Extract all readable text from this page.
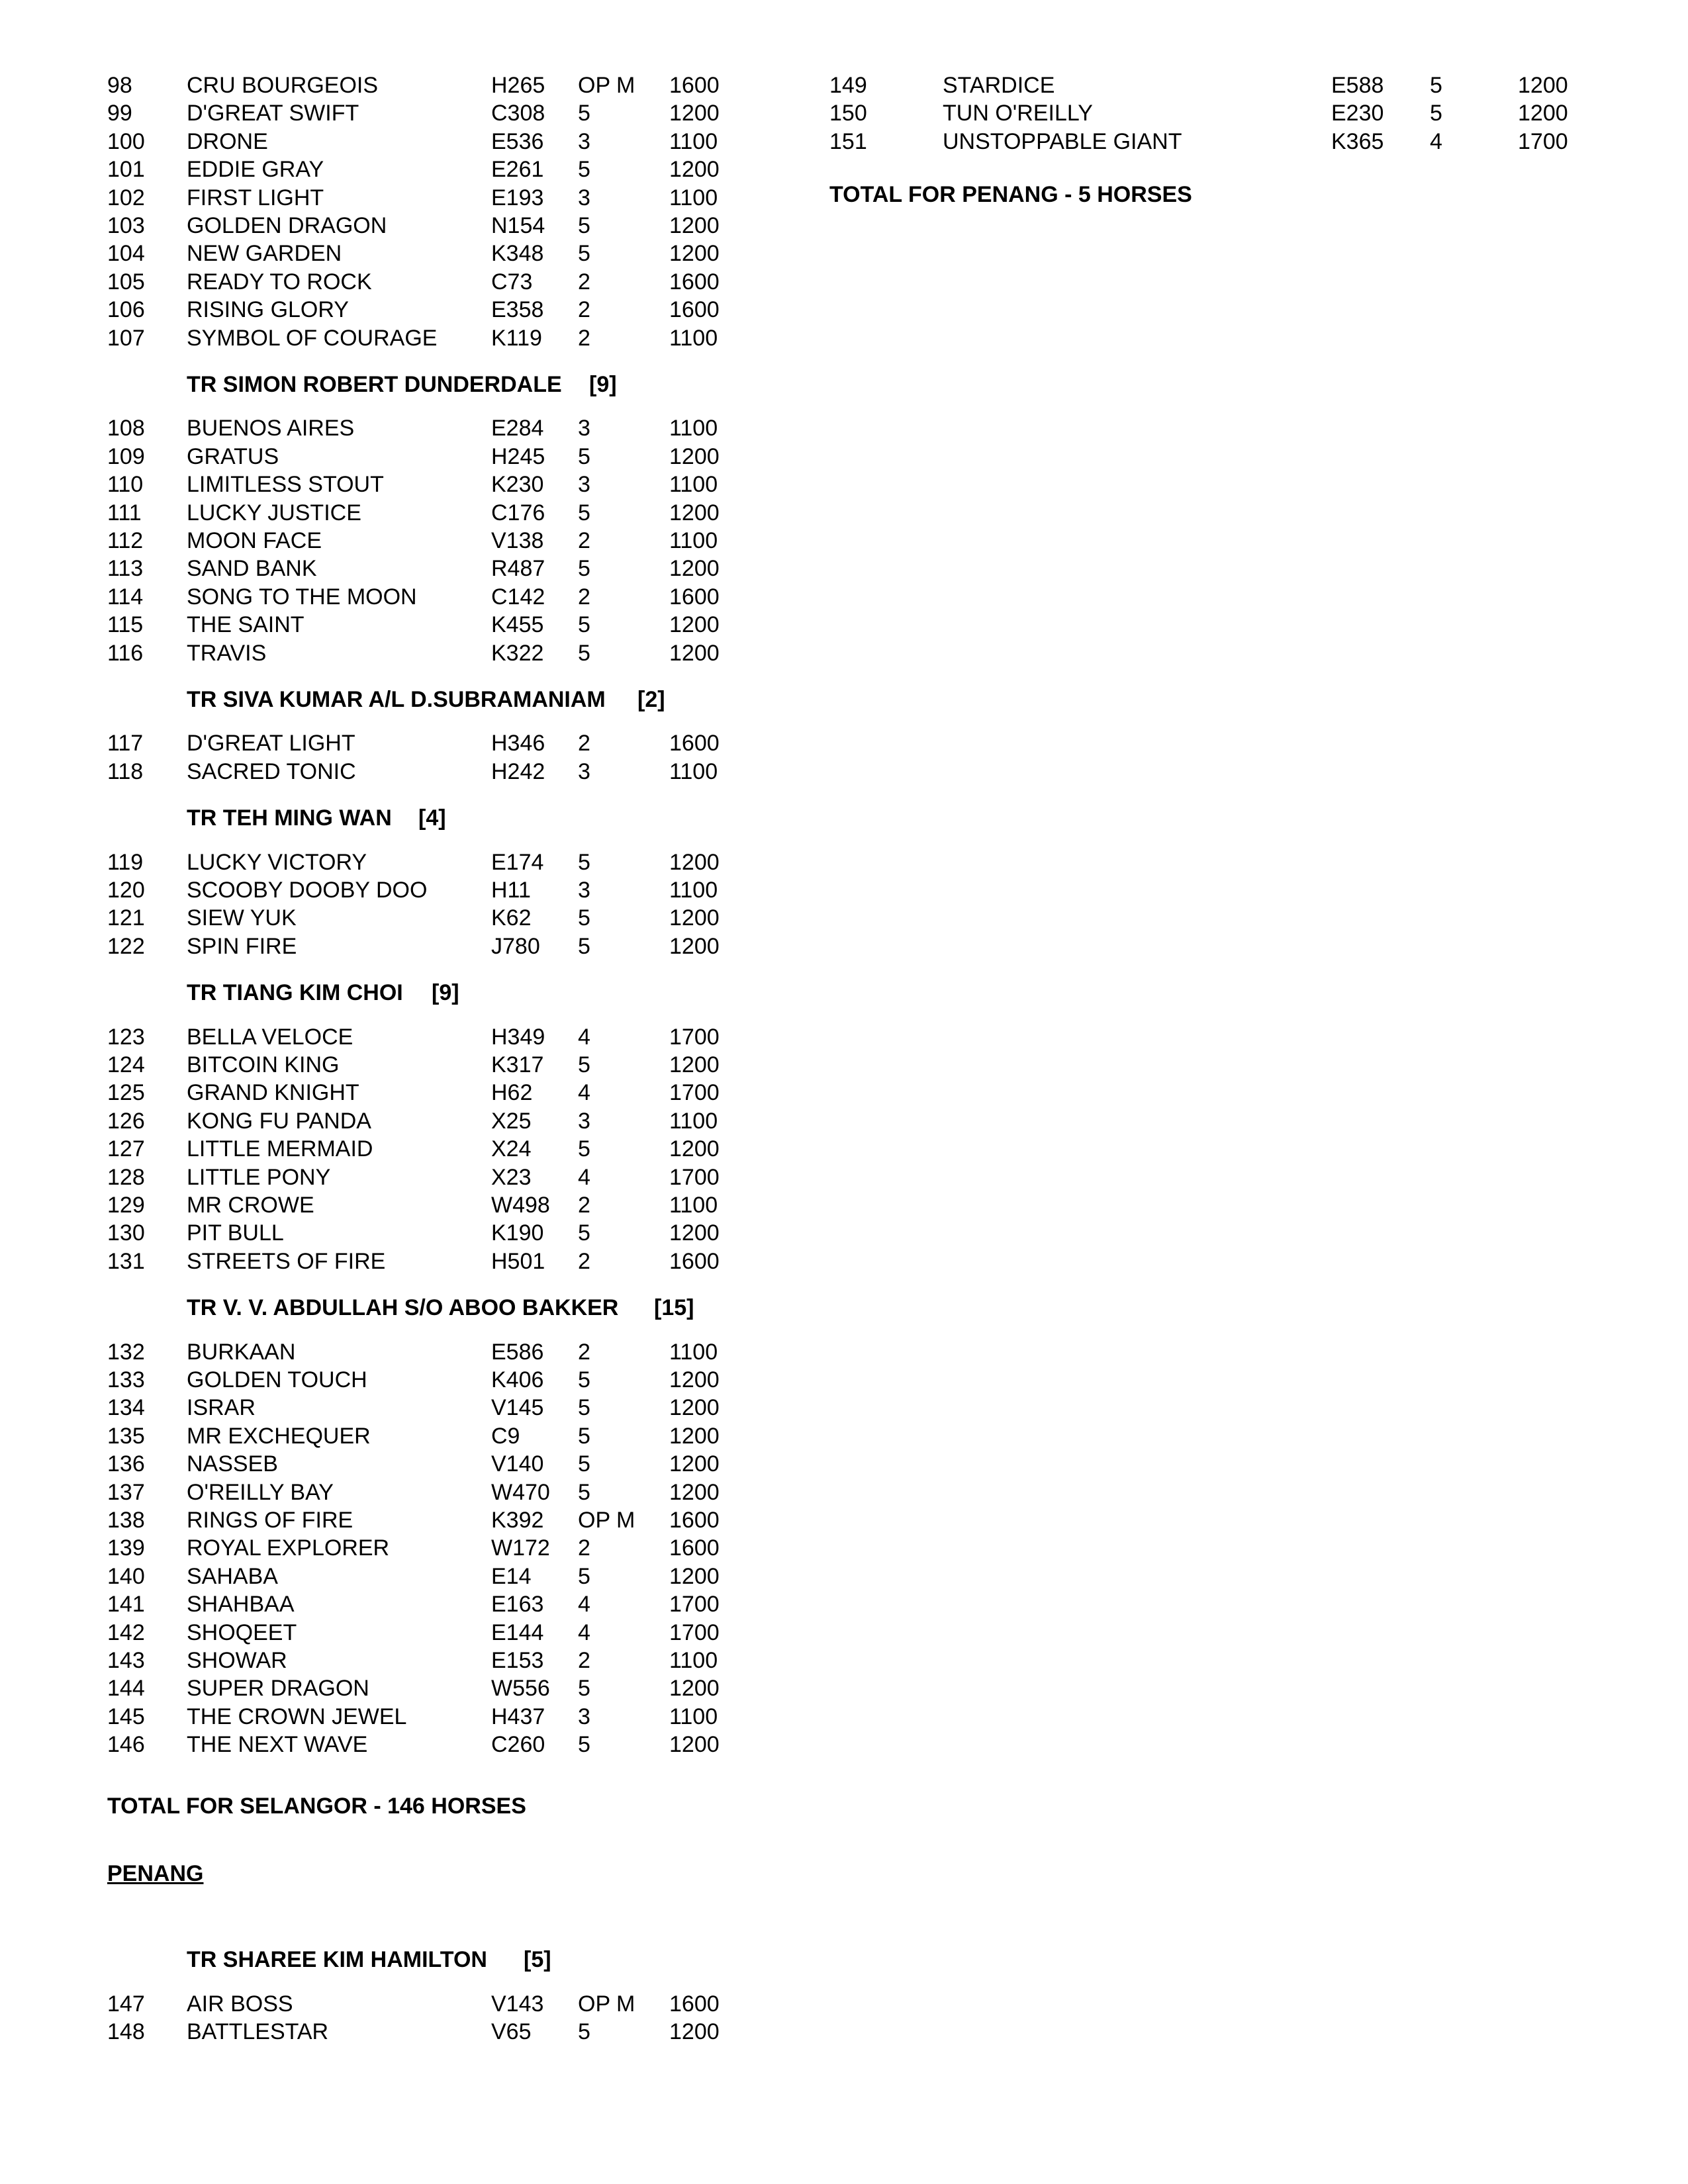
98 CRU BOURGEOIS	H265 OP M 1600
99 D'GREAT SWIFT	C308 5	1200
100 DRONE	E536 3	1100
101 EDDIE GRAY	E261 5	1200
102 FIRST LIGHT	E193 3	1100
103 GOLDEN DRAGON	N154 5	1200
104 NEW GARDEN	K348 5	1200
105 READY TO ROCK	C73 2	1600
106 RISING GLORY	E358 2	1600
107 SYMBOL OF COURAGE K119 2	1100
TR SIMON ROBERT DUNDERDALE [9]
108 BUENOS AIRES	E284 3	1100
109 GRATUS	H245 5	1200
110 LIMITLESS STOUT	K230 3	1100
111 LUCKY JUSTICE	C176 5	1200
112 MOON FACE	V138 2	1100
113 SAND BANK	R487 5	1200
114 SONG TO THE MOON	C142 2	1600
115 THE SAINT	K455 5	1200
116 TRAVIS	K322 5	1200
TR SIVA KUMAR A/L D.SUBRAMANIAM [2]
117 D'GREAT LIGHT	H346 2	1600
118 SACRED TONIC	H242 3	1100
TR TEH MING WAN [4]
119 LUCKY VICTORY	E174 5	1200
120 SCOOBY DOOBY DOO	H11 3	1100
121 SIEW YUK	K62 5	1200
122 SPIN FIRE	J780 5	1200
TR TIANG KIM CHOI [9]
123 BELLA VELOCE	H349 4	1700
124 BITCOIN KING	K317 5	1200
125 GRAND KNIGHT	H62 4	1700
126 KONG FU PANDA	X25 3	1100
127 LITTLE MERMAID	X24 5	1200
128 LITTLE PONY	X23 4	1700
129 MR CROWE	W498 2	1100
130 PIT BULL	K190 5	1200
131 STREETS OF FIRE	H501 2	1600
TR V. V. ABDULLAH S/O ABOO BAKKER [15]
132 BURKAAN	E586 2	1100
133 GOLDEN TOUCH	K406 5	1200
134 ISRAR	V145 5	1200
135 MR EXCHEQUER	C9	5	1200
136 NASSEB	V140 5	1200
137 O'REILLY BAY	W470 5	1200
138 RINGS OF FIRE	K392 OP M 1600
139 ROYAL EXPLORER	W172 2	1600
140 SAHABA	E14 5	1200
141 SHAHBAA	E163 4	1700
142 SHOQEET	E144 4	1700
143 SHOWAR	E153 2	1100
144 SUPER DRAGON	W556 5	1200
145 THE CROWN JEWEL	H437 3	1100
146 THE NEXT WAVE	C260 5	1200
TOTAL FOR SELANGOR - 146 HORSES
PENANG
TR SHAREE KIM HAMILTON [5]
147 AIR BOSS	V143 OP M 1600
148 BATTLESTAR	V65 5	1200
149	STARDICE	E588 5	1200
150	TUN O'REILLY	E230 5	1200
151	UNSTOPPABLE GIANT	K365 4	1700
TOTAL FOR PENANG - 5 HORSES
